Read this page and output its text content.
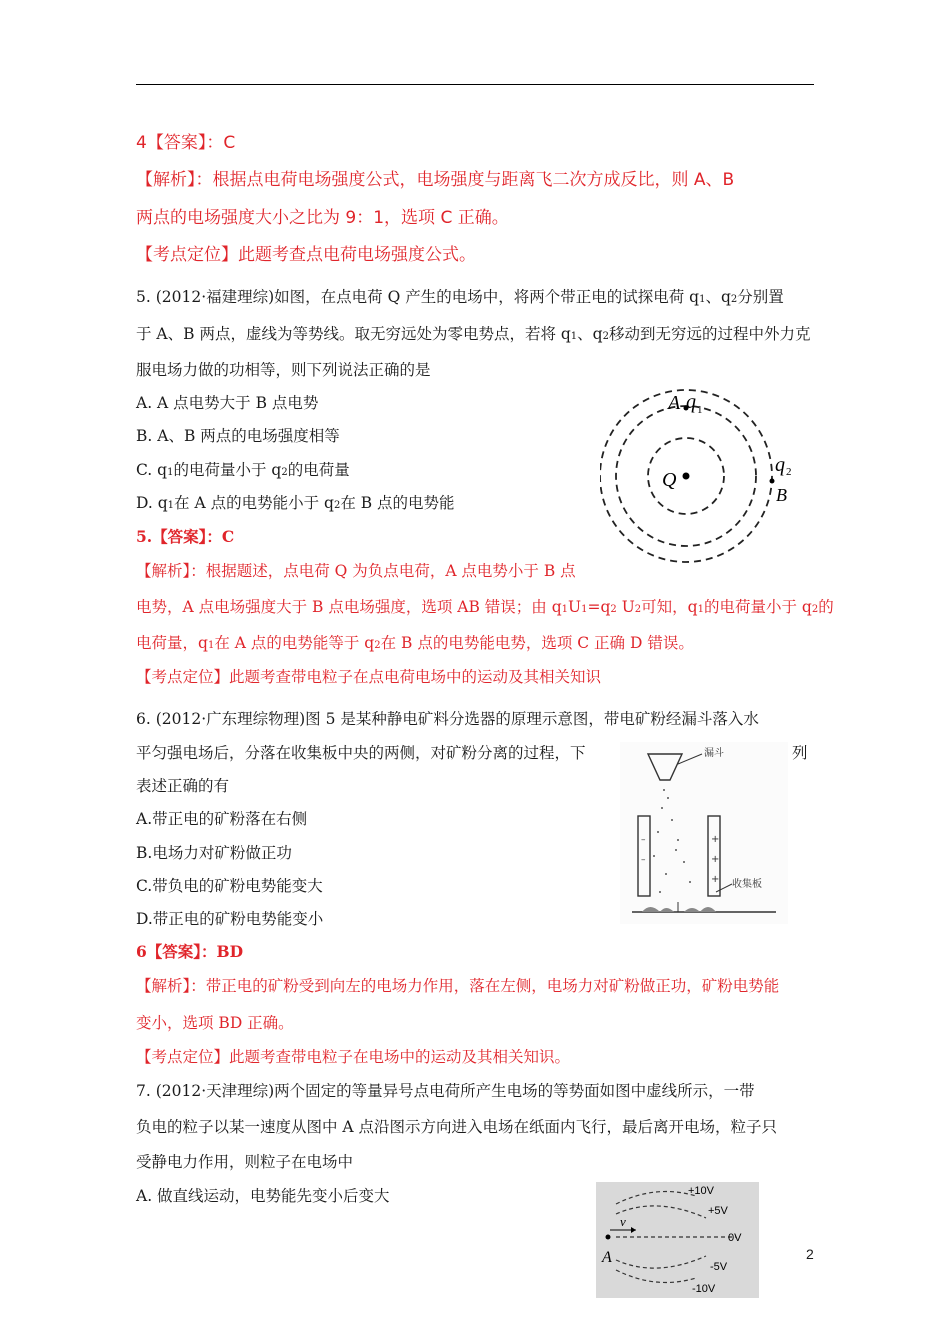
4【答案】：C
【解析】：根据点电荷电场强度公式，电场强度与距离飞二次方成反比，则 A、B
两点的电场强度大小之比为 9：1，选项 C 正确。
【考点定位】此题考查点电荷电场强度公式。
5. (2012·福建理综)如图，在点电荷 Q 产生的电场中，将两个带正电的试探电荷 q1、q2分别置
于 A、B 两点，虚线为等势线。取无穷远处为零电势点，若将 q1、q2移动到无穷远的过程中外力克
服电场力做的功相等，则下列说法正确的是
A. A 点电势大于 B 点电势
B. A、B 两点的电场强度相等
C. q1的电荷量小于 q2的电荷量
D. q1在 A 点的电势能小于 q2在 B 点的电势能
5.【答案】：C
【解析】：根据题述，点电荷 Q 为负点电荷，A 点电势小于 B 点
电势，A 点电场强度大于 B 点电场强度，选项 AB 错误；由 q1U1=q2 U2可知，q1的电荷量小于 q2的
电荷量，q1在 A 点的电势能等于 q2在 B 点的电势能电势，选项 C 正确 D 错误。
【考点定位】此题考查带电粒子在点电荷电场中的运动及其相关知识
Q
A q 1
q 2
B
6. (2012·广东理综物理)图 5 是某种静电矿料分选器的原理示意图，带电矿粉经漏斗落入水
平匀强电场后，分落在收集板中央的两侧，对矿粉分离的过程，下	列
表述正确的有
A.带正电的矿粉落在右侧
B.电场力对矿粉做正功
C.带负电的矿粉电势能变大
D.带正电的矿粉电势能变小
6【答案】：BD
【解析】：带正电的矿粉受到向左的电场力作用，落在左侧，电场力对矿粉做正功，矿粉电势能
变小，选项 BD 正确。
【考点定位】此题考查带电粒子在电场中的运动及其相关知识。
漏斗
–
–
+
+
+ 收集板
7. (2012·天津理综)两个固定的等量异号点电荷所产生电场的等势面如图中虚线所示，一带
负电的粒子以某一速度从图中 A 点沿图示方向进入电场在纸面内飞行，最后离开电场，粒子只
受静电力作用，则粒子在电场中
A. 做直线运动，电势能先变小后变大
v
A
+10V
+5V
0V
-5V
-10V
2
